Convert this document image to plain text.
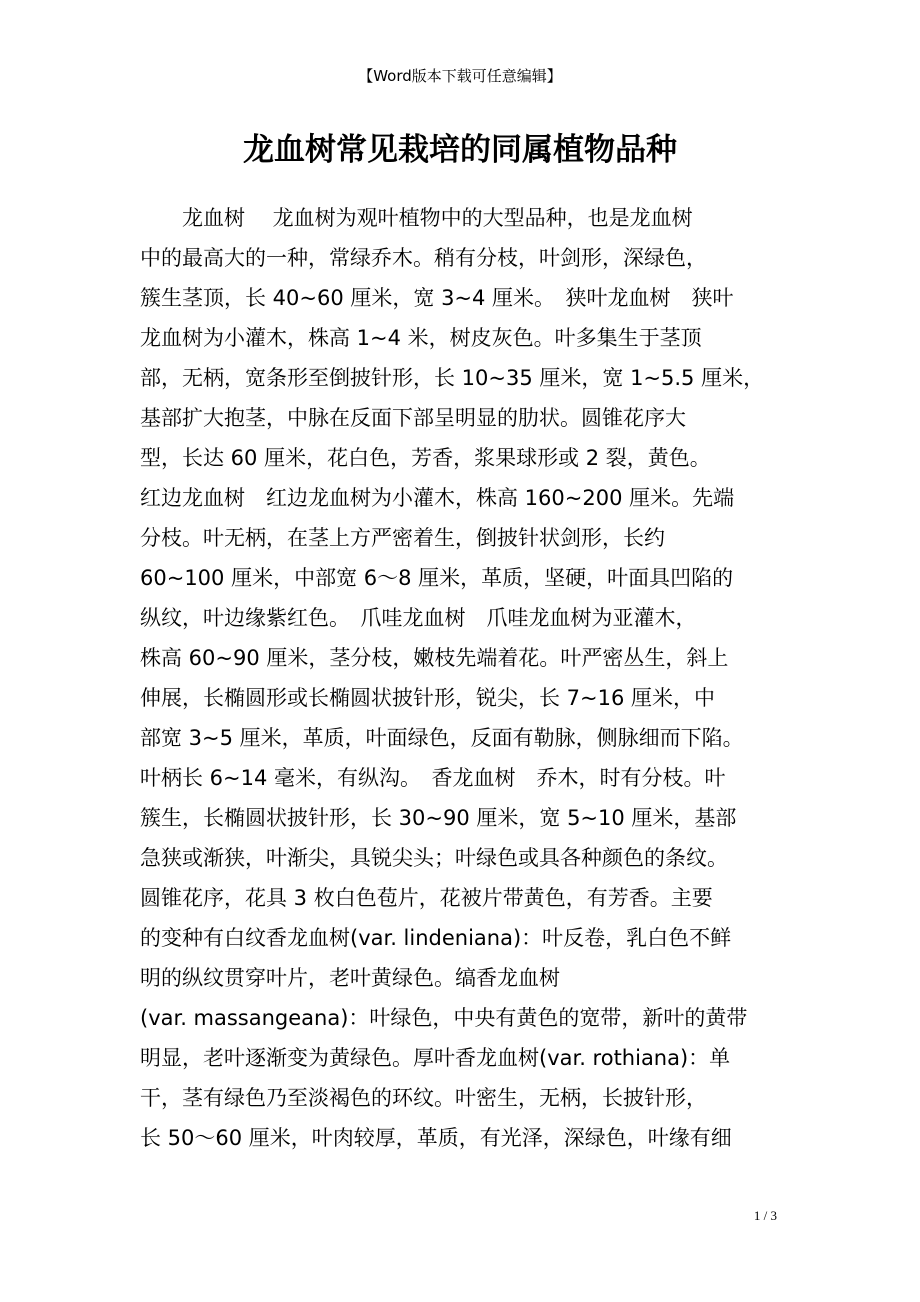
【Word版本下载可任意编辑】
龙血树常见栽培的同属植物品种
　　龙血树　 龙血树为观叶植物中的大型品种，也是龙血树
中的最高大的一种，常绿乔木。稍有分枝，叶剑形，深绿色，
簇生茎顶，长 40~60 厘米，宽 3~4 厘米。　狭叶龙血树　狭叶
龙血树为小灌木，株高 1~4 米，树皮灰色。叶多集生于茎顶
部，无柄，宽条形至倒披针形，长 10~35 厘米，宽 1~5.5 厘米，
基部扩大抱茎，中脉在反面下部呈明显的肋状。圆锥花序大
型，长达 60 厘米，花白色，芳香，浆果球形或 2 裂，黄色。
红边龙血树　红边龙血树为小灌木，株高 160~200 厘米。先端
分枝。叶无柄，在茎上方严密着生，倒披针状剑形，长约
60~100 厘米，中部宽 6〜8 厘米，革质，坚硬，叶面具凹陷的
纵纹，叶边缘紫红色。　爪哇龙血树　爪哇龙血树为亚灌木，
株高 60~90 厘米，茎分枝，嫩枝先端着花。叶严密丛生，斜上
伸展，长椭圆形或长椭圆状披针形，锐尖，长 7~16 厘米，中
部宽 3~5 厘米，革质，叶面绿色，反面有勒脉，侧脉细而下陷。
叶柄长 6~14 毫米，有纵沟。　香龙血树　乔木，时有分枝。叶
簇生，长椭圆状披针形，长 30~90 厘米，宽 5~10 厘米，基部
急狭或渐狭，叶渐尖，具锐尖头；叶绿色或具各种颜色的条纹。
圆锥花序，花具 3 枚白色苞片，花被片带黄色，有芳香。主要
的变种有白纹香龙血树(var. lindeniana)：叶反卷，乳白色不鲜
明的纵纹贯穿叶片，老叶黄绿色。缟香龙血树
(var. massangeana)：叶绿色，中央有黄色的宽带，新叶的黄带
明显，老叶逐渐变为黄绿色。厚叶香龙血树(var. rothiana)：单
干，茎有绿色乃至淡褐色的环纹。叶密生，无柄，长披针形，
长 50〜60 厘米，叶肉较厚，革质，有光泽，深绿色，叶缘有细
1 / 3
